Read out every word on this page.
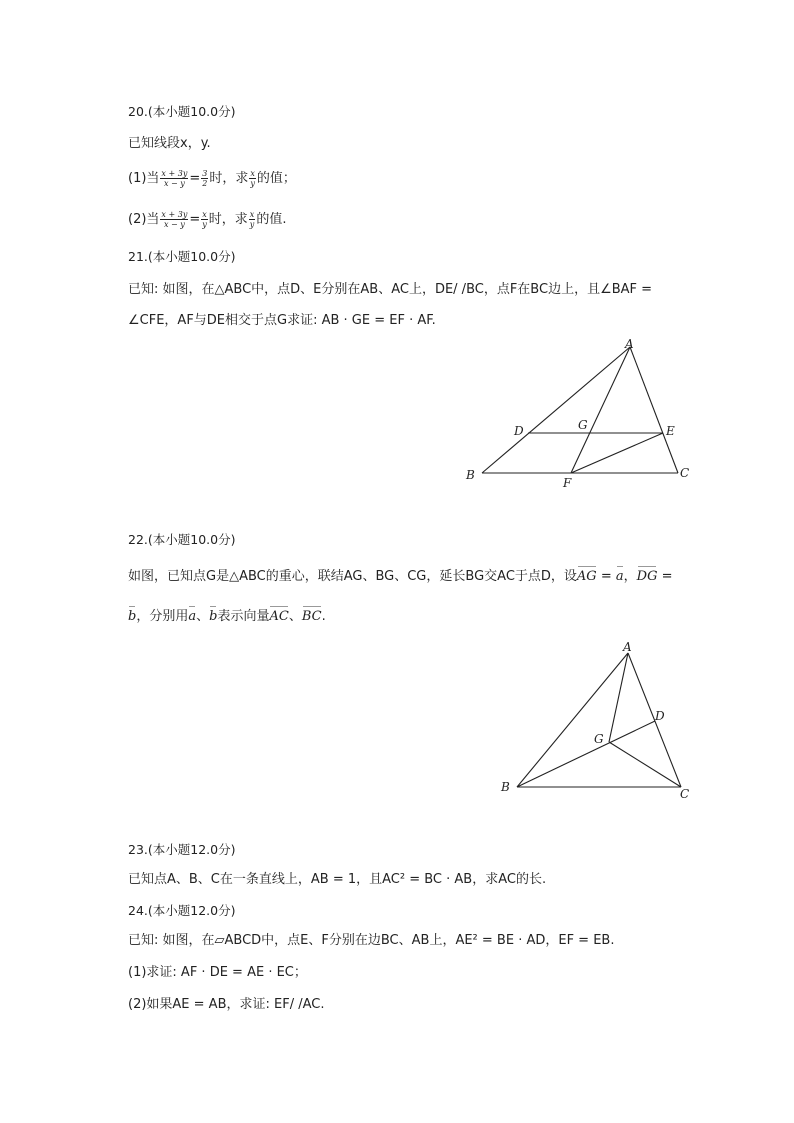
20.(本小题10.0分)
已知线段x，y.
(1)当 $\frac{x + 3y}{x - y} = \frac{3}{2}$ 时，求 $\frac{x}{y}$ 的值；
(2)当 $\frac{x + 3y}{x - y} = \frac{x}{y}$ 时，求 $\frac{x}{y}$ 的值.
21.(本小题10.0分)
已知: 如图，在△ABC中，点D、E分别在AB、AC上，DE/ /BC，点F在BC边上，且∠BAF =
∠CFE，AF与DE相交于点G求证: AB · GE = EF · AF.
A
B	C
D	E
F
G
22.(本小题10.0分)
如图，已知点G是△ABC的重心，联结AG、BG、CG，延长BG交AC于点D，设
AG =
a，
DG =
b，分别用
a、
b表示向量
AC、
BC.
A
B	C
D
G
23.(本小题12.0分)
已知点A、B、C在一条直线上，AB = 1，且AC² = BC · AB，求AC的长.
24.(本小题12.0分)
已知: 如图，在▱ABCD中，点E、F分别在边BC、AB上，AE² = BE · AD，EF = EB.
(1)求证: AF · DE = AE · EC；
(2)如果AE = AB，求证: EF/ /AC.
